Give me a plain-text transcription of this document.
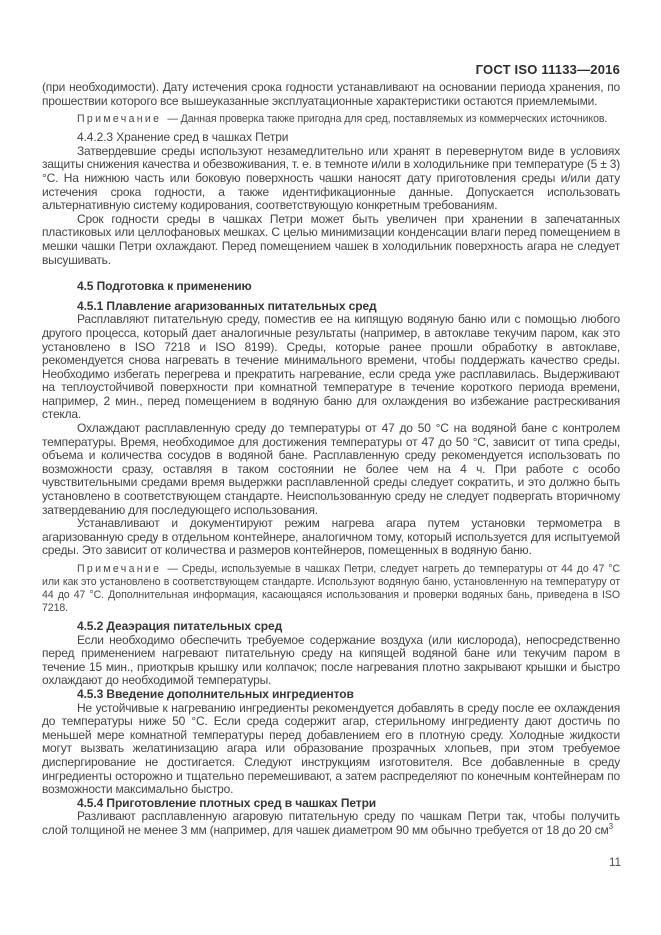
ГОСТ ISO 11133—2016

(при необходимости). Дату истечения срока годности устанавливают на основании периода хранения, по прошествии которого все вышеуказанные эксплуатационные характеристики остаются приемлемыми.

Примечание — Данная проверка также пригодна для сред, поставляемых из коммерческих источников.

4.4.2.3 Хранение сред в чашках Петри

Затвердевшие среды используют незамедлительно или хранят в перевернутом виде в условиях защиты снижения качества и обезвоживания, т. е. в темноте и/или в холодильнике при температуре (5 ± 3) °С. На нижнюю часть или боковую поверхность чашки наносят дату приготовления среды и/или дату истечения срока годности, а также идентификационные данные. Допускается использовать альтернативную систему кодирования, соответствующую конкретным требованиям.

Срок годности среды в чашках Петри может быть увеличен при хранении в запечатанных пластиковых или целлофановых мешках. С целью минимизации конденсации влаги перед помещением в мешки чашки Петри охлаждают. Перед помещением чашек в холодильник поверхность агара не следует высушивать.

4.5 Подготовка к применению

4.5.1 Плавление агаризованных питательных сред

Расплавляют питательную среду, поместив ее на кипящую водяную баню или с помощью любого другого процесса, который дает аналогичные результаты (например, в автоклаве текучим паром, как это установлено в ISO 7218 и ISO 8199). Среды, которые ранее прошли обработку в автоклаве, рекомендуется снова нагревать в течение минимального времени, чтобы поддержать качество среды. Необходимо избегать перегрева и прекратить нагревание, если среда уже расплавилась. Выдерживают на теплоустойчивой поверхности при комнатной температуре в течение короткого периода времени, например, 2 мин., перед помещением в водяную баню для охлаждения во избежание растрескивания стекла.

Охлаждают расплавленную среду до температуры от 47 до 50 °С на водяной бане с контролем температуры. Время, необходимое для достижения температуры от 47 до 50 °С, зависит от типа среды, объема и количества сосудов в водяной бане. Расплавленную среду рекомендуется использовать по возможности сразу, оставляя в таком состоянии не более чем на 4 ч. При работе с особо чувствительными средами время выдержки расплавленной среды следует сократить, и это должно быть установлено в соответствующем стандарте. Неиспользованную среду не следует подвергать вторичному затвердеванию для последующего использования.

Устанавливают и документируют режим нагрева агара путем установки термометра в агаризованную среду в отдельном контейнере, аналогичном тому, который используется для испытуемой среды. Это зависит от количества и размеров контейнеров, помещенных в водяную баню.

Примечание — Среды, используемые в чашках Петри, следует нагреть до температуры от 44 до 47 °С или как это установлено в соответствующем стандарте. Используют водяную баню, установленную на температуру от 44 до 47 °С. Дополнительная информация, касающаяся использования и проверки водяных бань, приведена в ISO 7218.

4.5.2 Деаэрация питательных сред

Если необходимо обеспечить требуемое содержание воздуха (или кислорода), непосредственно перед применением нагревают питательную среду на кипящей водяной бане или текучим паром в течение 15 мин., приоткрыв крышку или колпачок; после нагревания плотно закрывают крышки и быстро охлаждают до необходимой температуры.

4.5.3 Введение дополнительных ингредиентов

Не устойчивые к нагреванию ингредиенты рекомендуется добавлять в среду после ее охлаждения до температуры ниже 50 °С. Если среда содержит агар, стерильному ингредиенту дают достичь по меньшей мере комнатной температуры перед добавлением его в плотную среду. Холодные жидкости могут вызвать желатинизацию агара или образование прозрачных хлопьев, при этом требуемое диспергирование не достигается. Следуют инструкциям изготовителя. Все добавленные в среду ингредиенты осторожно и тщательно перемешивают, а затем распределяют по конечным контейнерам по возможности максимально быстро.

4.5.4 Приготовление плотных сред в чашках Петри

Разливают расплавленную агаровую питательную среду по чашкам Петри так, чтобы получить слой толщиной не менее 3 мм (например, для чашек диаметром 90 мм обычно требуется от 18 до 20 $см^3$

11
